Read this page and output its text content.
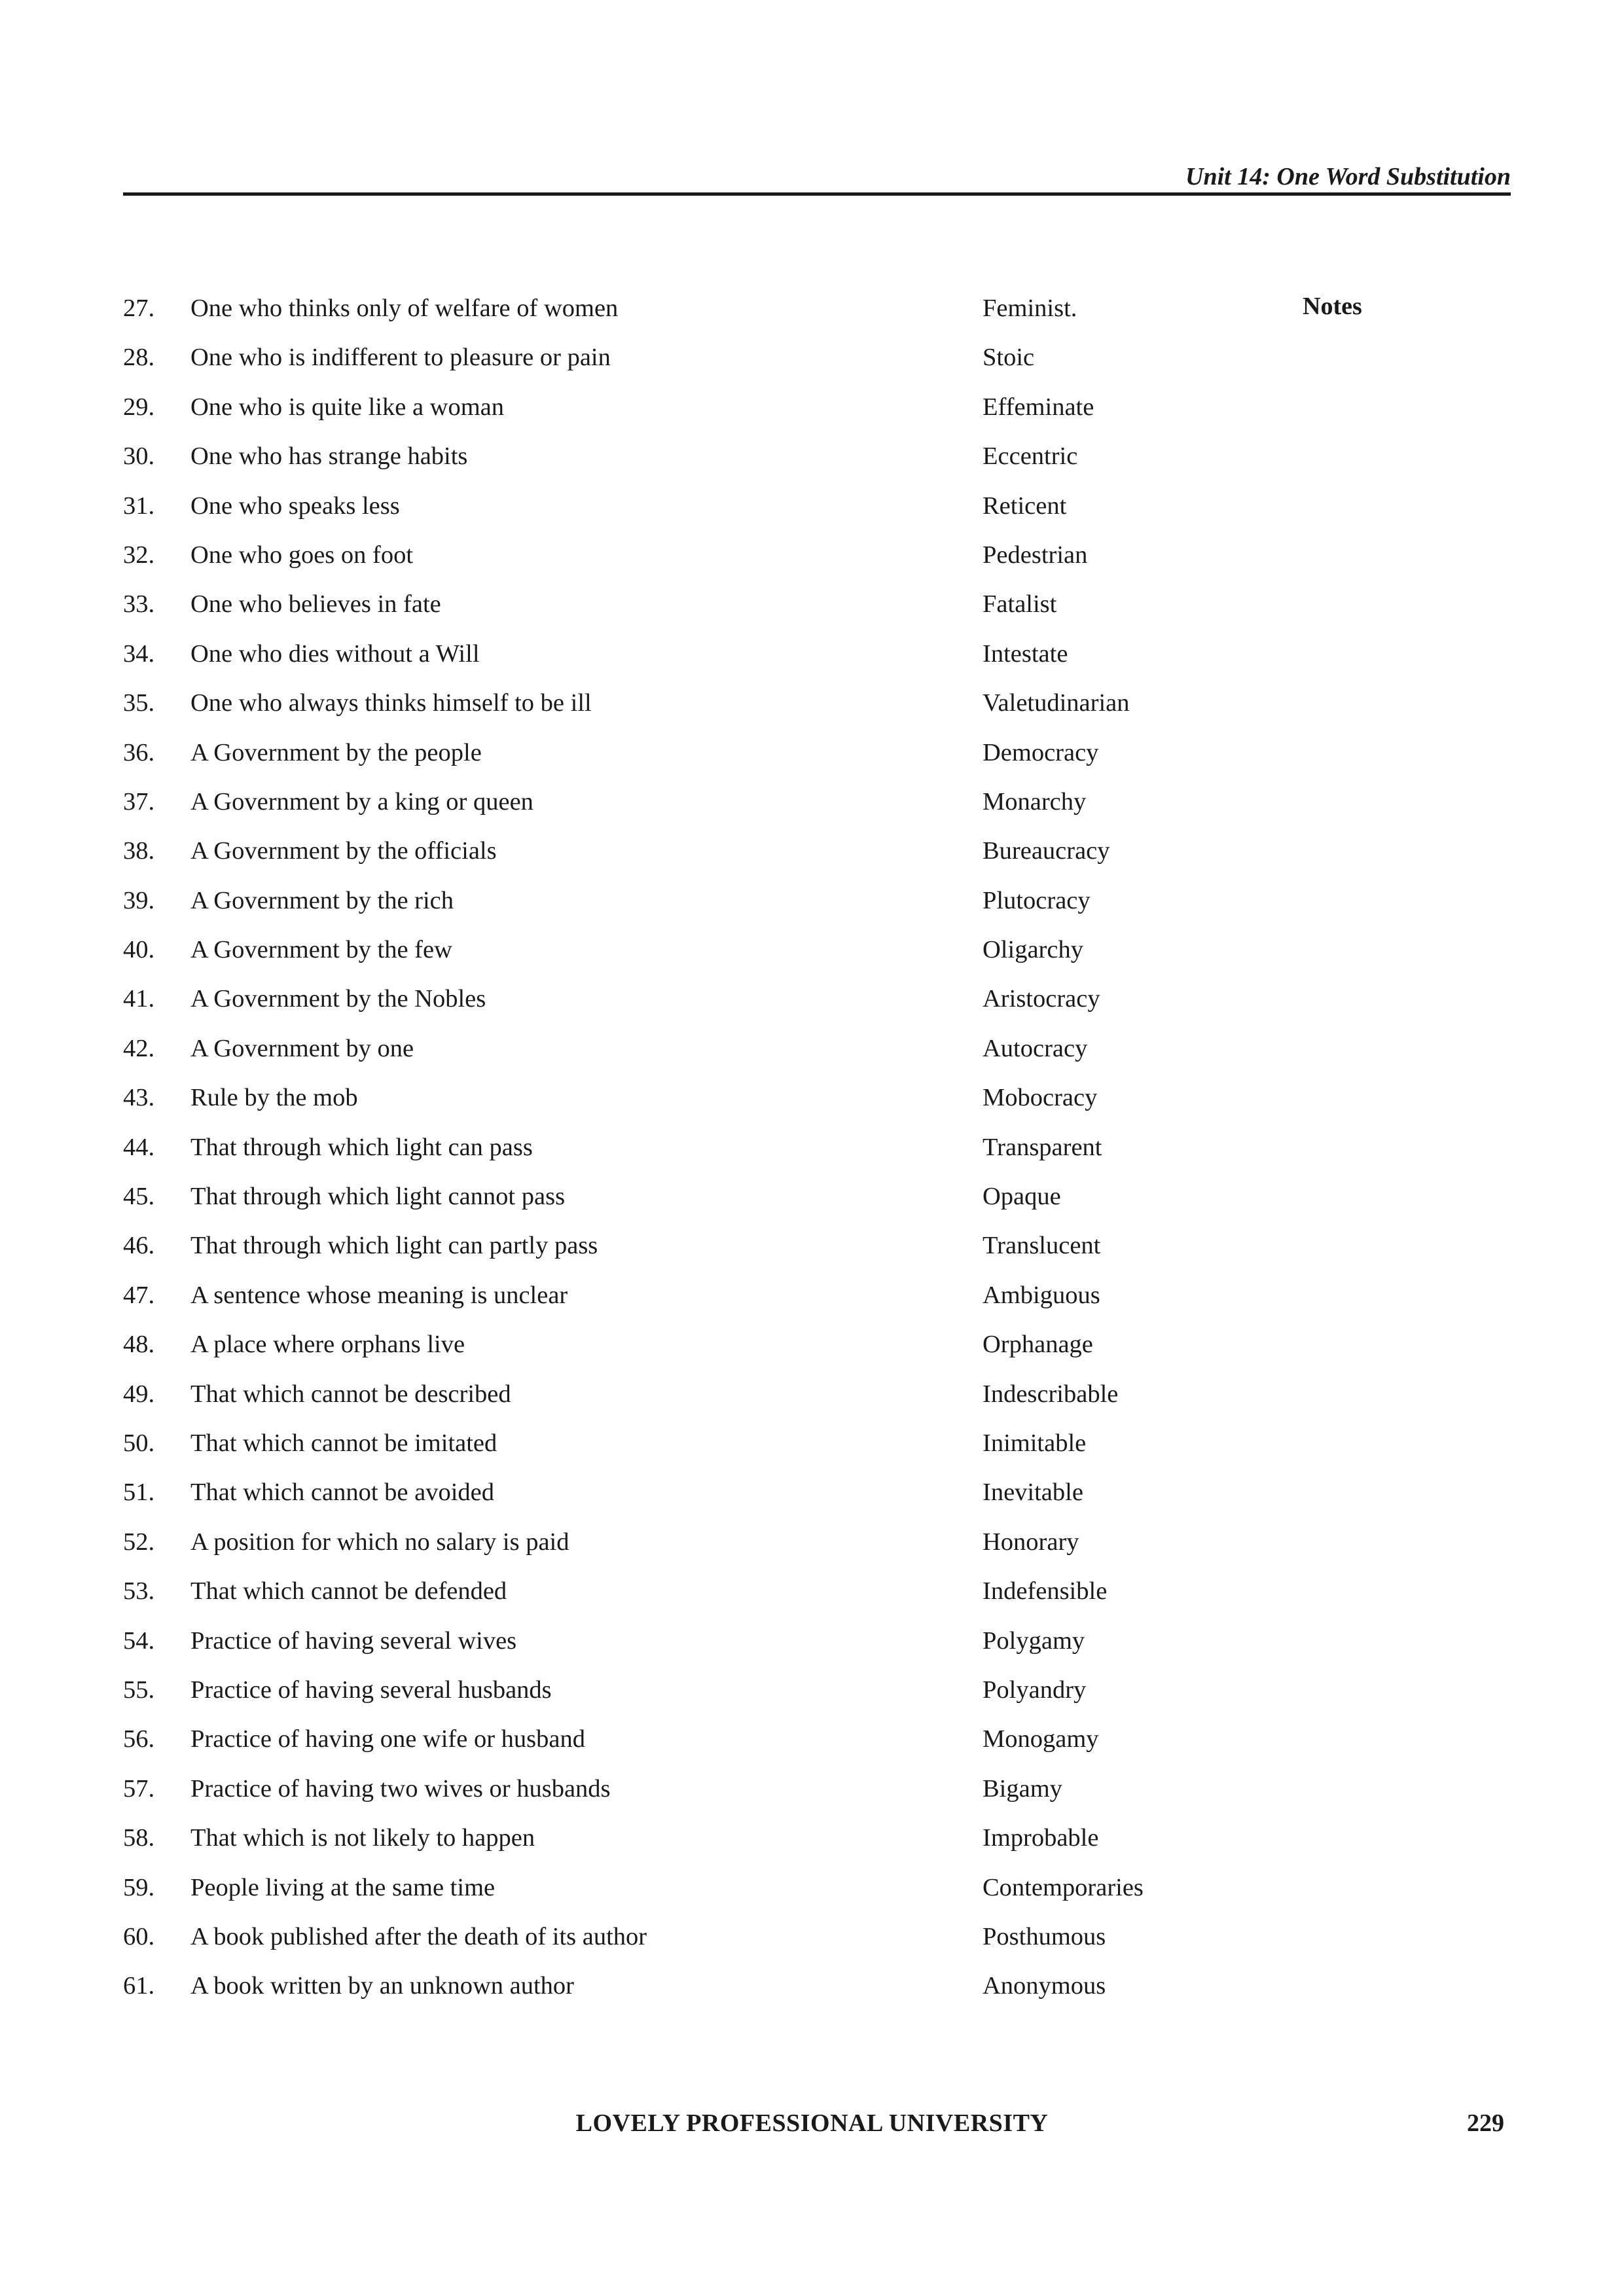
Unit 14: One Word Substitution
Notes
27. One who thinks only of welfare of women	Feminist.
28. One who is indifferent to pleasure or pain	Stoic
29. One who is quite like a woman	Effeminate
30. One who has strange habits	Eccentric
31. One who speaks less	Reticent
32. One who goes on foot	Pedestrian
33. One who believes in fate	Fatalist
34. One who dies without a Will	Intestate
35. One who always thinks himself to be ill	Valetudinarian
36. A Government by the people	Democracy
37. A Government by a king or queen	Monarchy
38. A Government by the officials	Bureaucracy
39. A Government by the rich	Plutocracy
40. A Government by the few	Oligarchy
41. A Government by the Nobles	Aristocracy
42. A Government by one	Autocracy
43. Rule by the mob	Mobocracy
44. That through which light can pass	Transparent
45. That through which light cannot pass	Opaque
46. That through which light can partly pass	Translucent
47. A sentence whose meaning is unclear	Ambiguous
48. A place where orphans live	Orphanage
49. That which cannot be described	Indescribable
50. That which cannot be imitated	Inimitable
51. That which cannot be avoided	Inevitable
52. A position for which no salary is paid	Honorary
53. That which cannot be defended	Indefensible
54. Practice of having several wives	Polygamy
55. Practice of having several husbands	Polyandry
56. Practice of having one wife or husband	Monogamy
57. Practice of having two wives or husbands	Bigamy
58. That which is not likely to happen	Improbable
59. People living at the same time	Contemporaries
60. A book published after the death of its author	Posthumous
61. A book written by an unknown author	Anonymous
LOVELY PROFESSIONAL UNIVERSITY	229
